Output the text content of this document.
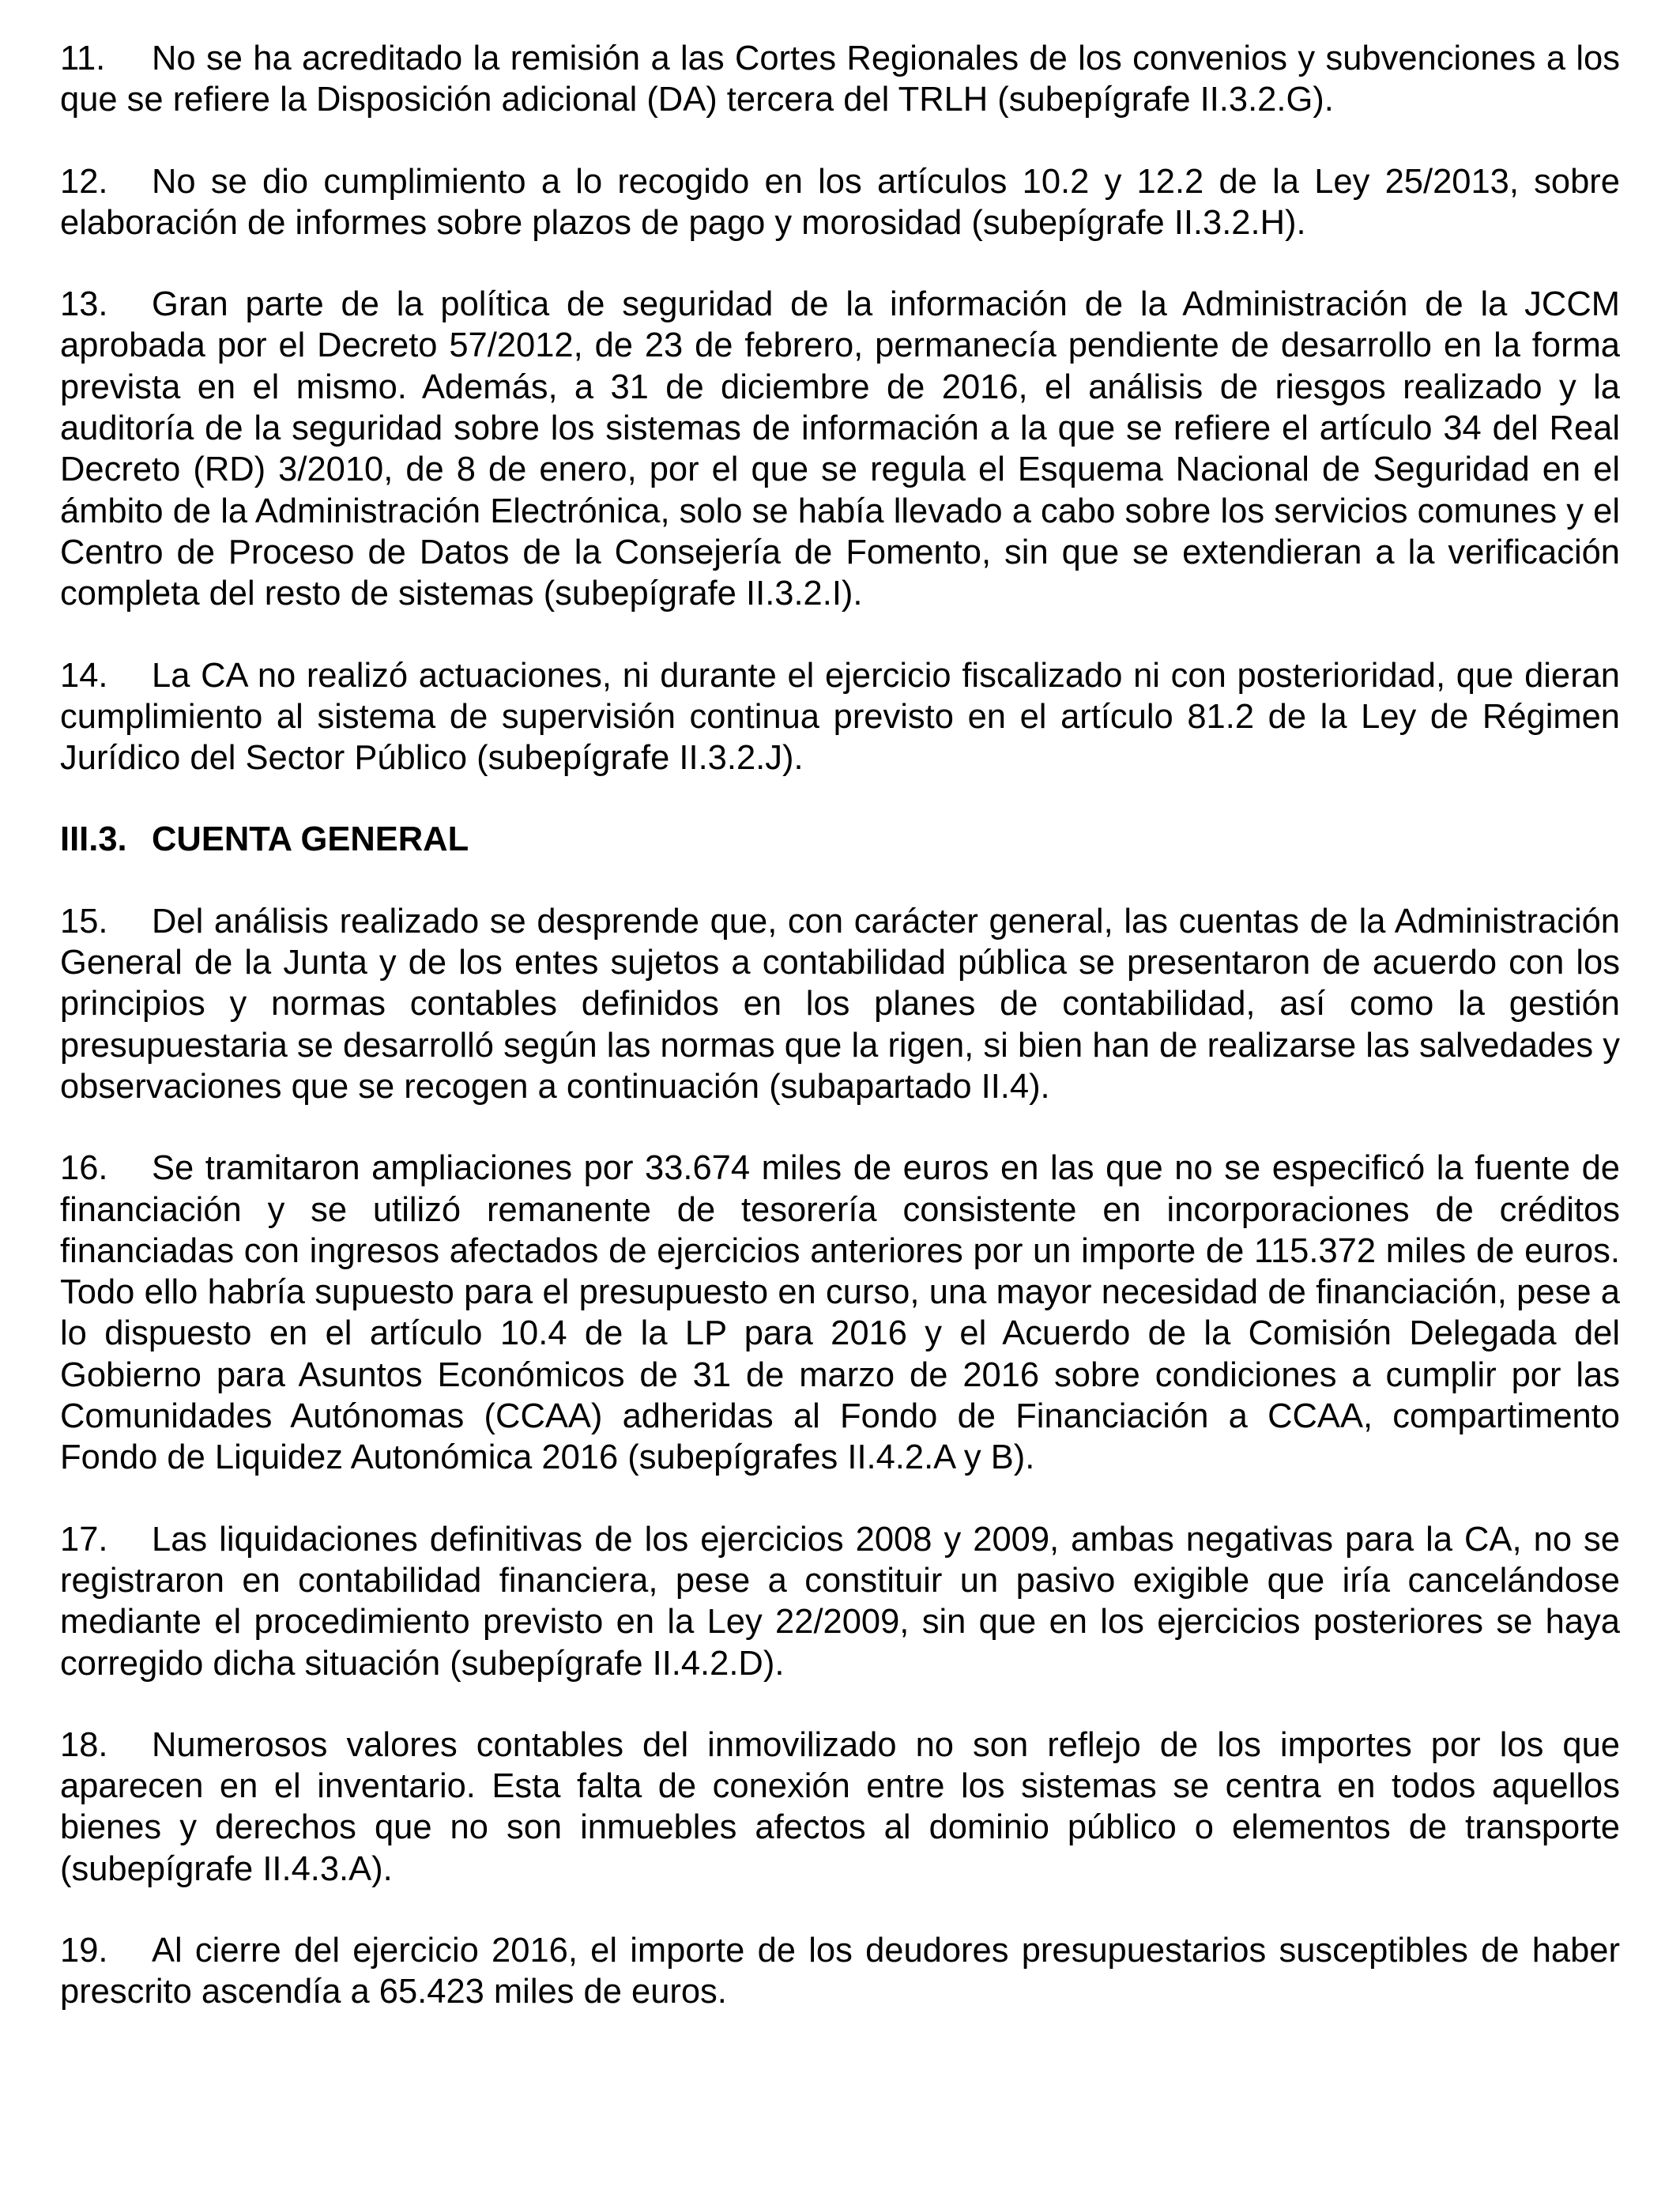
11. No se ha acreditado la remisión a las Cortes Regionales de los convenios y subvenciones a los que se refiere la Disposición adicional (DA) tercera del TRLH (subepígrafe II.3.2.G).

12. No se dio cumplimiento a lo recogido en los artículos 10.2 y 12.2 de la Ley 25/2013, sobre elaboración de informes sobre plazos de pago y morosidad (subepígrafe II.3.2.H).

13. Gran parte de la política de seguridad de la información de la Administración de la JCCM aprobada por el Decreto 57/2012, de 23 de febrero, permanecía pendiente de desarrollo en la forma prevista en el mismo. Además, a 31 de diciembre de 2016, el análisis de riesgos realizado y la auditoría de la seguridad sobre los sistemas de información a la que se refiere el artículo 34 del Real Decreto (RD) 3/2010, de 8 de enero, por el que se regula el Esquema Nacional de Seguridad en el ámbito de la Administración Electrónica, solo se había llevado a cabo sobre los servicios comunes y el Centro de Proceso de Datos de la Consejería de Fomento, sin que se extendieran a la verificación completa del resto de sistemas (subepígrafe II.3.2.I).

14. La CA no realizó actuaciones, ni durante el ejercicio fiscalizado ni con posterioridad, que dieran cumplimiento al sistema de supervisión continua previsto en el artículo 81.2 de la Ley de Régimen Jurídico del Sector Público (subepígrafe II.3.2.J).

III.3. CUENTA GENERAL

15. Del análisis realizado se desprende que, con carácter general, las cuentas de la Administración General de la Junta y de los entes sujetos a contabilidad pública se presentaron de acuerdo con los principios y normas contables definidos en los planes de contabilidad, así como la gestión presupuestaria se desarrolló según las normas que la rigen, si bien han de realizarse las salvedades y observaciones que se recogen a continuación (subapartado II.4).

16. Se tramitaron ampliaciones por 33.674 miles de euros en las que no se especificó la fuente de financiación y se utilizó remanente de tesorería consistente en incorporaciones de créditos financiadas con ingresos afectados de ejercicios anteriores por un importe de 115.372 miles de euros. Todo ello habría supuesto para el presupuesto en curso, una mayor necesidad de financiación, pese a lo dispuesto en el artículo 10.4 de la LP para 2016 y el Acuerdo de la Comisión Delegada del Gobierno para Asuntos Económicos de 31 de marzo de 2016 sobre condiciones a cumplir por las Comunidades Autónomas (CCAA) adheridas al Fondo de Financiación a CCAA, compartimento Fondo de Liquidez Autonómica 2016 (subepígrafes II.4.2.A y B).

17. Las liquidaciones definitivas de los ejercicios 2008 y 2009, ambas negativas para la CA, no se registraron en contabilidad financiera, pese a constituir un pasivo exigible que iría cancelándose mediante el procedimiento previsto en la Ley 22/2009, sin que en los ejercicios posteriores se haya corregido dicha situación (subepígrafe II.4.2.D).

18. Numerosos valores contables del inmovilizado no son reflejo de los importes por los que aparecen en el inventario. Esta falta de conexión entre los sistemas se centra en todos aquellos bienes y derechos que no son inmuebles afectos al dominio público o elementos de transporte (subepígrafe II.4.3.A).

19. Al cierre del ejercicio 2016, el importe de los deudores presupuestarios susceptibles de haber prescrito ascendía a 65.423 miles de euros.
